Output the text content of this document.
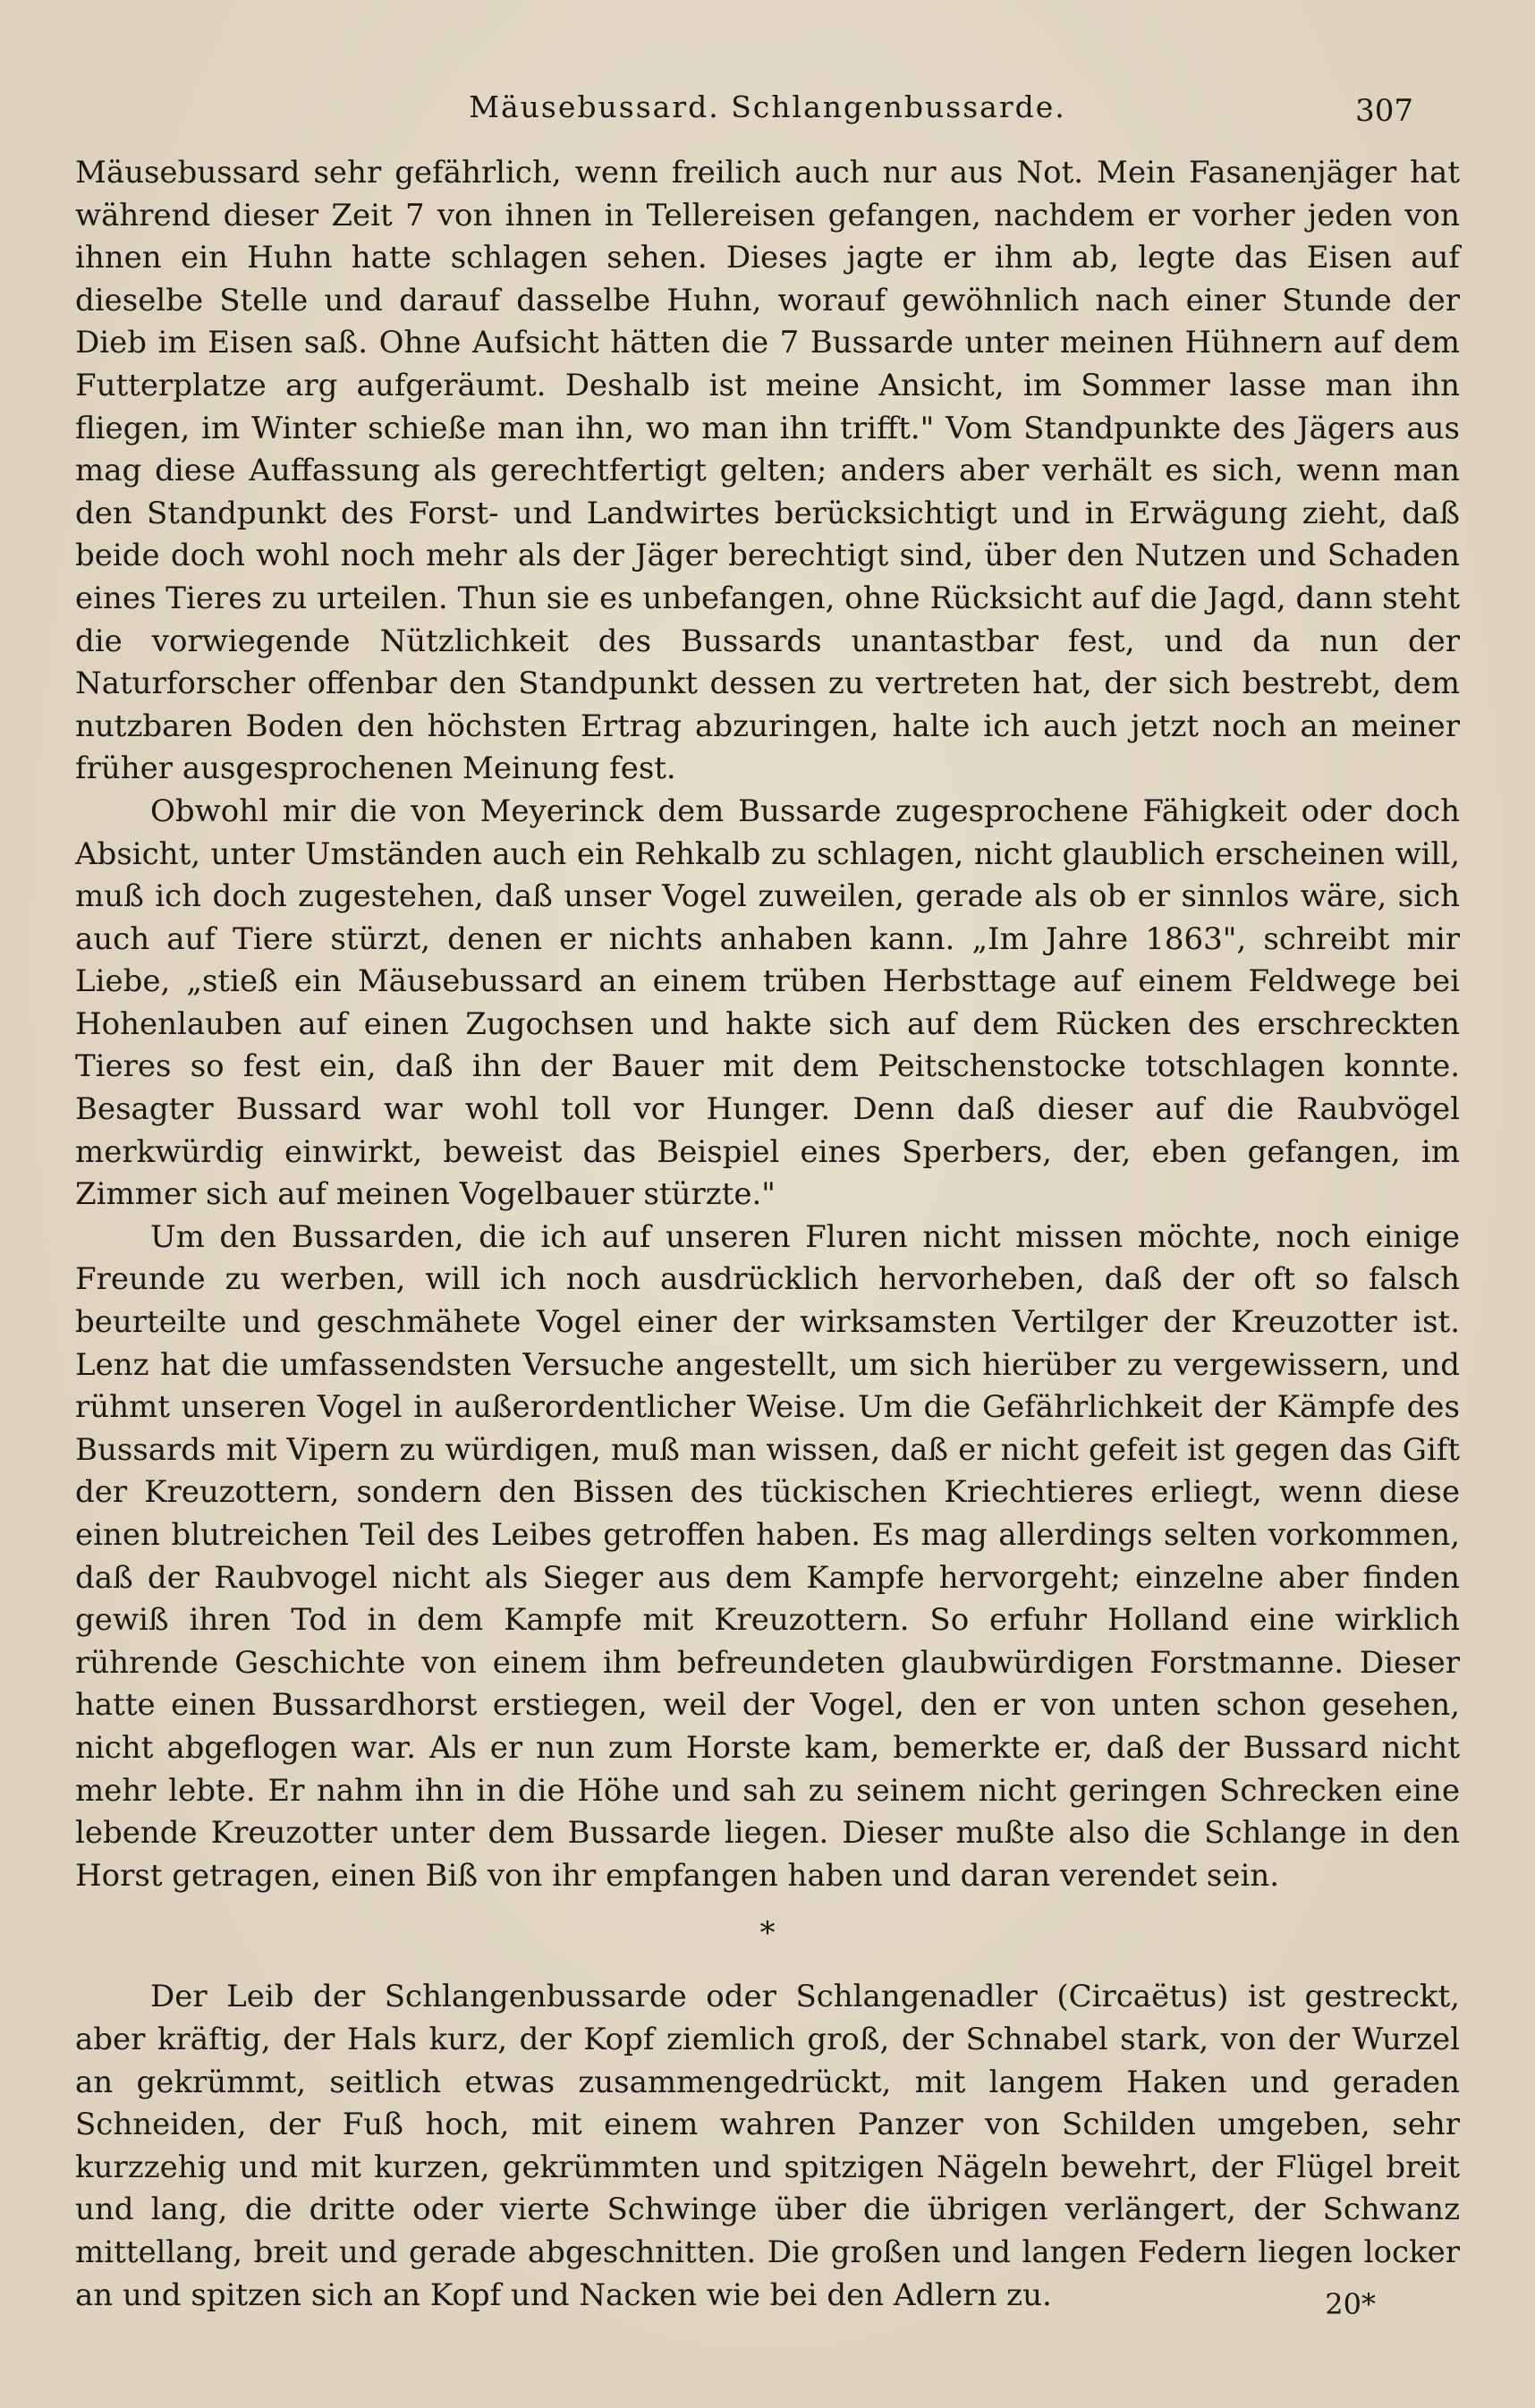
Mäusebussard. Schlangenbussarde.	307

Mäusebussard sehr gefährlich, wenn freilich auch nur aus Not. Mein Fasanenjäger hat während dieser Zeit 7 von ihnen in Tellereisen gefangen, nachdem er vorher jeden von ihnen ein Huhn hatte schlagen sehen. Dieses jagte er ihm ab, legte das Eisen auf dieselbe Stelle und darauf dasselbe Huhn, worauf gewöhnlich nach einer Stunde der Dieb im Eisen saß. Ohne Aufsicht hätten die 7 Bussarde unter meinen Hühnern auf dem Futterplatze arg aufgeräumt. Deshalb ist meine Ansicht, im Sommer lasse man ihn fliegen, im Winter schieße man ihn, wo man ihn trifft." Vom Standpunkte des Jägers aus mag diese Auffassung als gerechtfertigt gelten; anders aber verhält es sich, wenn man den Standpunkt des Forst- und Landwirtes berücksichtigt und in Erwägung zieht, daß beide doch wohl noch mehr als der Jäger berechtigt sind, über den Nutzen und Schaden eines Tieres zu urteilen. Thun sie es unbefangen, ohne Rücksicht auf die Jagd, dann steht die vorwiegende Nützlichkeit des Bussards unantastbar fest, und da nun der Naturforscher offenbar den Standpunkt dessen zu vertreten hat, der sich bestrebt, dem nutzbaren Boden den höchsten Ertrag abzuringen, halte ich auch jetzt noch an meiner früher ausgesprochenen Meinung fest.

Obwohl mir die von Meyerinck dem Bussarde zugesprochene Fähigkeit oder doch Absicht, unter Umständen auch ein Rehkalb zu schlagen, nicht glaublich erscheinen will, muß ich doch zugestehen, daß unser Vogel zuweilen, gerade als ob er sinnlos wäre, sich auch auf Tiere stürzt, denen er nichts anhaben kann. „Im Jahre 1863", schreibt mir Liebe, „stieß ein Mäusebussard an einem trüben Herbsttage auf einem Feldwege bei Hohenlauben auf einen Zugochsen und hakte sich auf dem Rücken des erschreckten Tieres so fest ein, daß ihn der Bauer mit dem Peitschenstocke totschlagen konnte. Besagter Bussard war wohl toll vor Hunger. Denn daß dieser auf die Raubvögel merkwürdig einwirkt, beweist das Beispiel eines Sperbers, der, eben gefangen, im Zimmer sich auf meinen Vogelbauer stürzte."

Um den Bussarden, die ich auf unseren Fluren nicht missen möchte, noch einige Freunde zu werben, will ich noch ausdrücklich hervorheben, daß der oft so falsch beurteilte und geschmähete Vogel einer der wirksamsten Vertilger der Kreuzotter ist. Lenz hat die umfassendsten Versuche angestellt, um sich hierüber zu vergewissern, und rühmt unseren Vogel in außerordentlicher Weise. Um die Gefährlichkeit der Kämpfe des Bussards mit Vipern zu würdigen, muß man wissen, daß er nicht gefeit ist gegen das Gift der Kreuzottern, sondern den Bissen des tückischen Kriechtieres erliegt, wenn diese einen blutreichen Teil des Leibes getroffen haben. Es mag allerdings selten vorkommen, daß der Raubvogel nicht als Sieger aus dem Kampfe hervorgeht; einzelne aber finden gewiß ihren Tod in dem Kampfe mit Kreuzottern. So erfuhr Holland eine wirklich rührende Geschichte von einem ihm befreundeten glaubwürdigen Forstmanne. Dieser hatte einen Bussardhorst erstiegen, weil der Vogel, den er von unten schon gesehen, nicht abgeflogen war. Als er nun zum Horste kam, bemerkte er, daß der Bussard nicht mehr lebte. Er nahm ihn in die Höhe und sah zu seinem nicht geringen Schrecken eine lebende Kreuzotter unter dem Bussarde liegen. Dieser mußte also die Schlange in den Horst getragen, einen Biß von ihr empfangen haben und daran verendet sein.

*

Der Leib der Schlangenbussarde oder Schlangenadler (Circaëtus) ist gestreckt, aber kräftig, der Hals kurz, der Kopf ziemlich groß, der Schnabel stark, von der Wurzel an gekrümmt, seitlich etwas zusammengedrückt, mit langem Haken und geraden Schneiden, der Fuß hoch, mit einem wahren Panzer von Schilden umgeben, sehr kurzzehig und mit kurzen, gekrümmten und spitzigen Nägeln bewehrt, der Flügel breit und lang, die dritte oder vierte Schwinge über die übrigen verlängert, der Schwanz mittellang, breit und gerade abgeschnitten. Die großen und langen Federn liegen locker an und spitzen sich an Kopf und Nacken wie bei den Adlern zu.	20*
